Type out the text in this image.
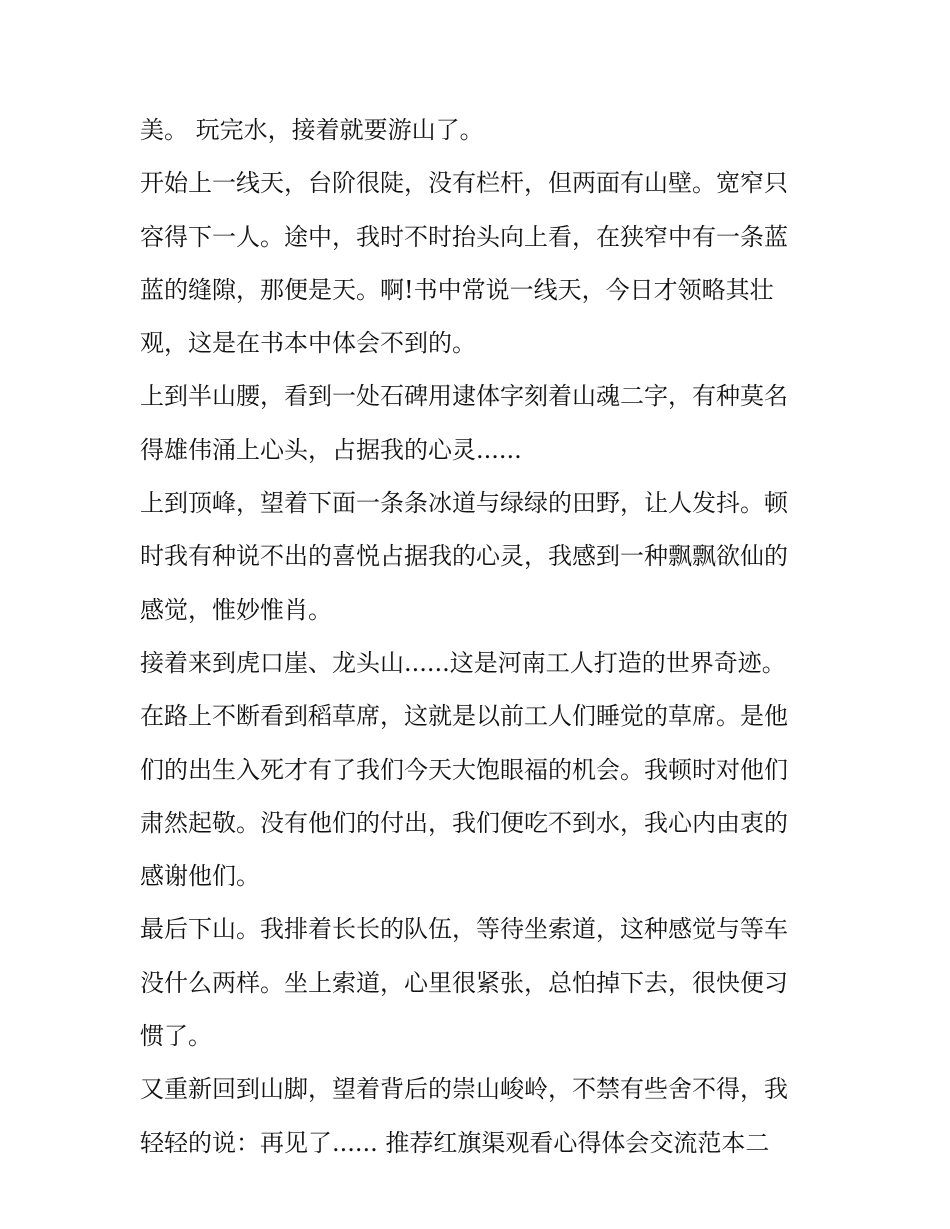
美。 玩完水，接着就要游山了。
开始上一线天，台阶很陡，没有栏杆，但两面有山壁。宽窄只
容得下一人。途中，我时不时抬头向上看，在狭窄中有一条蓝
蓝的缝隙，那便是天。啊!书中常说一线天，今日才领略其壮
观，这是在书本中体会不到的。
上到半山腰，看到一处石碑用逮体字刻着山魂二字，有种莫名
得雄伟涌上心头，占据我的心灵......
上到顶峰，望着下面一条条冰道与绿绿的田野，让人发抖。顿
时我有种说不出的喜悦占据我的心灵，我感到一种飘飘欲仙的
感觉，惟妙惟肖。
接着来到虎口崖、龙头山......这是河南工人打造的世界奇迹。
在路上不断看到稻草席，这就是以前工人们睡觉的草席。是他
们的出生入死才有了我们今天大饱眼福的机会。我顿时对他们
肃然起敬。没有他们的付出，我们便吃不到水，我心内由衷的
感谢他们。
最后下山。我排着长长的队伍，等待坐索道，这种感觉与等车
没什么两样。坐上索道，心里很紧张，总怕掉下去，很快便习
惯了。
又重新回到山脚，望着背后的崇山峻岭，不禁有些舍不得，我
轻轻的说：再见了...... 推荐红旗渠观看心得体会交流范本二
